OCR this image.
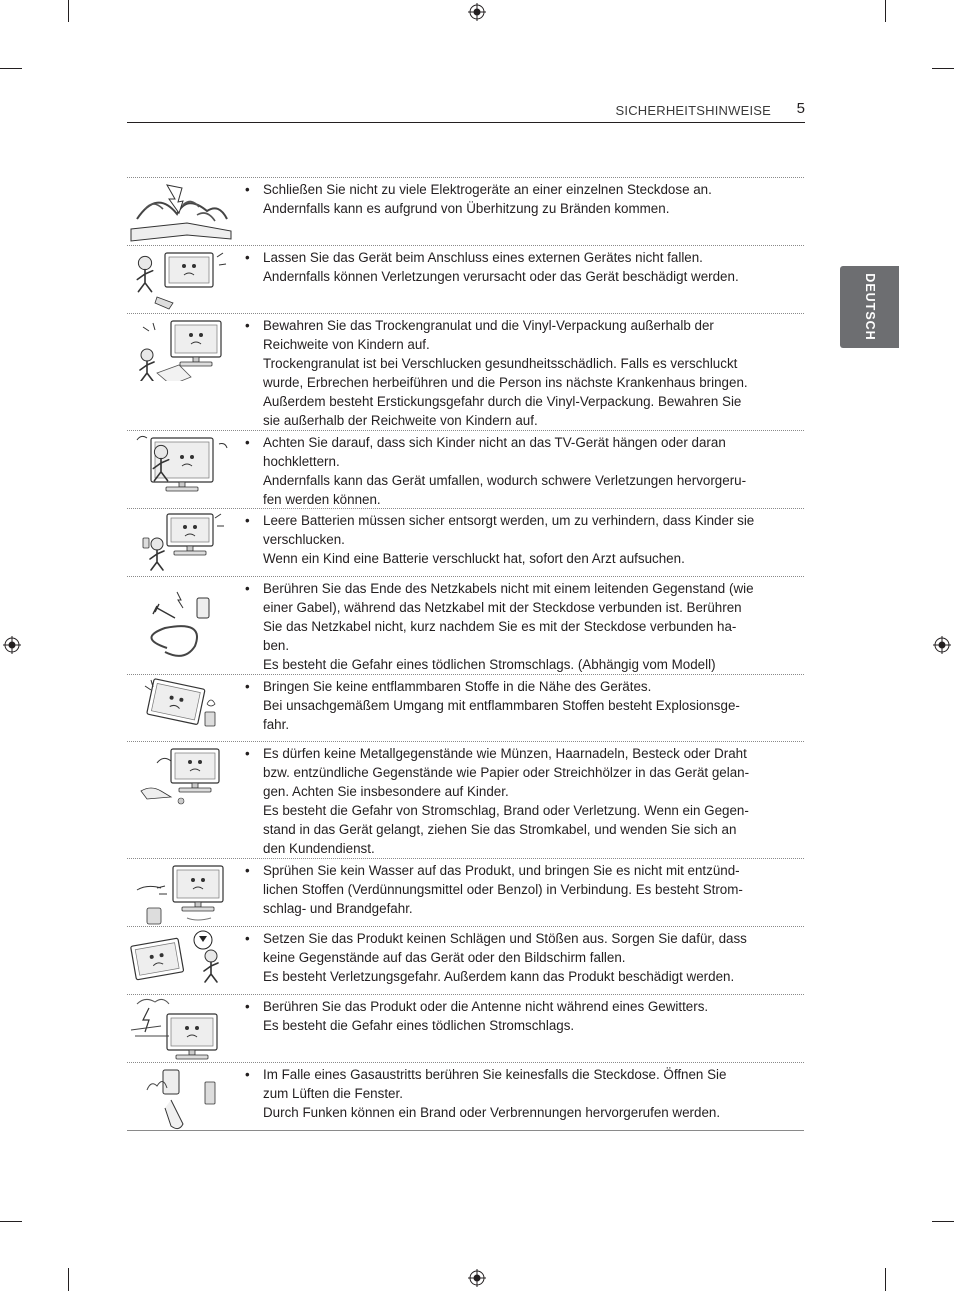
SICHERHEITSHINWEISE 5
DEUTSCH
• Schließen Sie nicht zu viele Elektrogeräte an einer einzelnen Steckdose an.
Andernfalls kann es aufgrund von Überhitzung zu Bränden kommen.
• Lassen Sie das Gerät beim Anschluss eines externen Gerätes nicht fallen.
Andernfalls können Verletzungen verursacht oder das Gerät beschädigt werden.
• Bewahren Sie das Trockengranulat und die Vinyl-Verpackung außerhalb der
Reichweite von Kindern auf.
Trockengranulat ist bei Verschlucken gesundheitsschädlich. Falls es verschluckt
wurde, Erbrechen herbeiführen und die Person ins nächste Krankenhaus bringen.
Außerdem besteht Erstickungsgefahr durch die Vinyl-Verpackung. Bewahren Sie
sie außerhalb der Reichweite von Kindern auf.
• Achten Sie darauf, dass sich Kinder nicht an das TV-Gerät hängen oder daran
hochklettern.
Andernfalls kann das Gerät umfallen, wodurch schwere Verletzungen hervorgeru-
fen werden können.
• Leere Batterien müssen sicher entsorgt werden, um zu verhindern, dass Kinder sie
verschlucken.
Wenn ein Kind eine Batterie verschluckt hat, sofort den Arzt aufsuchen.
• Berühren Sie das Ende des Netzkabels nicht mit einem leitenden Gegenstand (wie
einer Gabel), während das Netzkabel mit der Steckdose verbunden ist. Berühren
Sie das Netzkabel nicht, kurz nachdem Sie es mit der Steckdose verbunden ha-
ben.
Es besteht die Gefahr eines tödlichen Stromschlags. (Abhängig vom Modell)
• Bringen Sie keine entflammbaren Stoffe in die Nähe des Gerätes.
Bei unsachgemäßem Umgang mit entflammbaren Stoffen besteht Explosionsge-
fahr.
• Es dürfen keine Metallgegenstände wie Münzen, Haarnadeln, Besteck oder Draht
bzw. entzündliche Gegenstände wie Papier oder Streichhölzer in das Gerät gelan-
gen. Achten Sie insbesondere auf Kinder.
Es besteht die Gefahr von Stromschlag, Brand oder Verletzung. Wenn ein Gegen-
stand in das Gerät gelangt, ziehen Sie das Stromkabel, und wenden Sie sich an
den Kundendienst.
• Sprühen Sie kein Wasser auf das Produkt, und bringen Sie es nicht mit entzünd-
lichen Stoffen (Verdünnungsmittel oder Benzol) in Verbindung. Es besteht Strom-
schlag- und Brandgefahr.
• Setzen Sie das Produkt keinen Schlägen und Stößen aus. Sorgen Sie dafür, dass
keine Gegenstände auf das Gerät oder den Bildschirm fallen.
Es besteht Verletzungsgefahr. Außerdem kann das Produkt beschädigt werden.
• Berühren Sie das Produkt oder die Antenne nicht während eines Gewitters.
Es besteht die Gefahr eines tödlichen Stromschlags.
• Im Falle eines Gasaustritts berühren Sie keinesfalls die Steckdose. Öffnen Sie
zum Lüften die Fenster.
Durch Funken können ein Brand oder Verbrennungen hervorgerufen werden.
